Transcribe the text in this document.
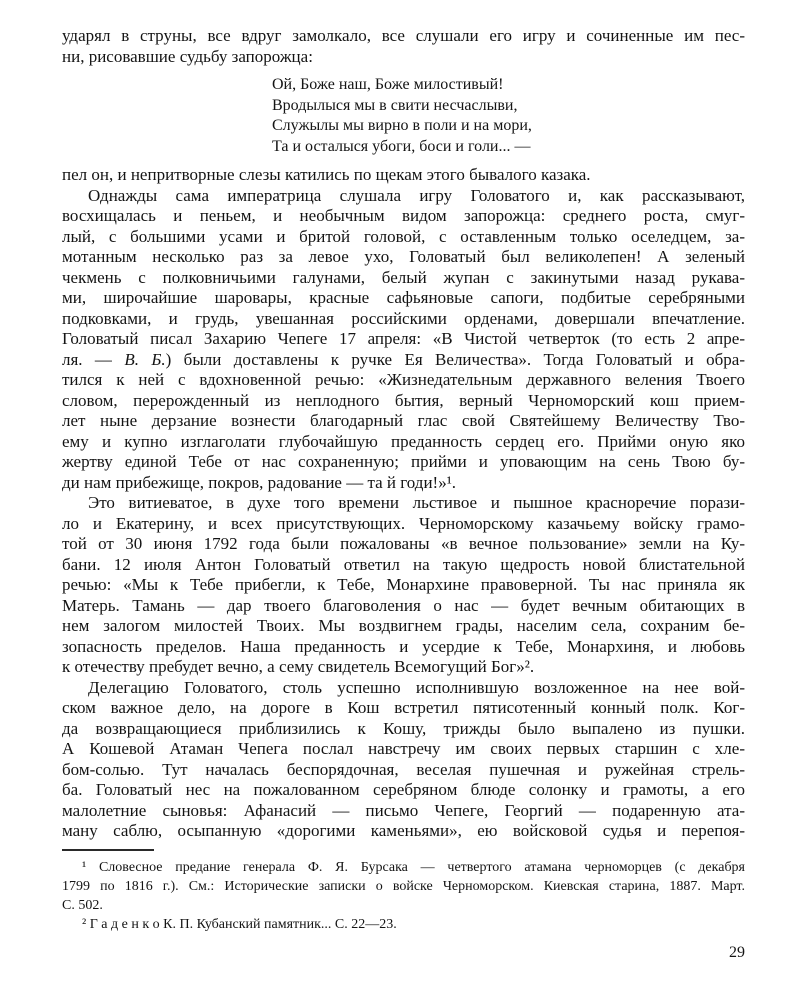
ударял в струны, все вдруг замолкало, все слушали его игру и сочиненные им пес-
ни, рисовавшие судьбу запорожца:
Ой, Боже наш, Боже милостивый!
Вродылыся мы в свити несчаслыви,
Служылы мы вирно в поли и на мори,
Та и осталыся убоги, боси и голи... —
пел он, и непритворные слезы катились по щекам этого бывалого казака.
Однажды сама императрица слушала игру Головатого и, как рассказывают,
восхищалась и пеньем, и необычным видом запорожца: среднего роста, смуг-
лый, с большими усами и бритой головой, с оставленным только оселедцем, за-
мотанным несколько раз за левое ухо, Головатый был великолепен! А зеленый
чекмень с полковничьими галунами, белый жупан с закинутыми назад рукава-
ми, широчайшие шаровары, красные сафьяновые сапоги, подбитые серебряными
подковками, и грудь, увешанная российскими орденами, довершали впечатление.
Головатый писал Захарию Чепеге 17 апреля: «В Чистой четверток (то есть 2 апре-
ля. — В. Б.) были доставлены к ручке Ея Величества». Тогда Головатый и обра-
тился к ней с вдохновенной речью: «Жизнедательным державного веления Твоего
словом, перерожденный из неплодного бытия, верный Черноморский кош прием-
лет ныне дерзание вознести благодарный глас свой Святейшему Величеству Тво-
ему и купно изглаголати глубочайшую преданность сердец его. Прийми оную яко
жертву единой Тебе от нас сохраненную; прийми и уповающим на сень Твою бу-
ди нам прибежище, покров, радование — та й годи!»¹.
Это витиеватое, в духе того времени льстивое и пышное красноречие порази-
ло и Екатерину, и всех присутствующих. Черноморскому казачьему войску грамо-
той от 30 июня 1792 года были пожалованы «в вечное пользование» земли на Ку-
бани. 12 июля Антон Головатый ответил на такую щедрость новой блистательной
речью: «Мы к Тебе прибегли, к Тебе, Монархине правоверной. Ты нас приняла як
Матерь. Тамань — дар твоего благоволения о нас — будет вечным обитающих в
нем залогом милостей Твоих. Мы воздвигнем грады, населим села, сохраним бе-
зопасность пределов. Наша преданность и усердие к Тебе, Монархиня, и любовь
к отечеству пребудет вечно, а сему свидетель Всемогущий Бог»².
Делегацию Головатого, столь успешно исполнившую возложенное на нее вой-
ском важное дело, на дороге в Кош встретил пятисотенный конный полк. Ког-
да возвращающиеся приблизились к Кошу, трижды было выпалено из пушки.
А Кошевой Атаман Чепега послал навстречу им своих первых старшин с хле-
бом-солью. Тут началась беспорядочная, веселая пушечная и ружейная стрель-
ба. Головатый нес на пожалованном серебряном блюде солонку и грамоты, а его
малолетние сыновья: Афанасий — письмо Чепеге, Георгий — подаренную ата-
ману саблю, осыпанную «дорогими каменьями», ею войсковой судья и перепоя-
¹ Словесное предание генерала Ф. Я. Бурсака — четвертого атамана черноморцев (с декабря
1799 по 1816 г.). См.: Исторические записки о войске Черноморском. Киевская старина, 1887. Март.
С. 502.
² Г а д е н к о К. П. Кубанский памятник... С. 22—23.
29
